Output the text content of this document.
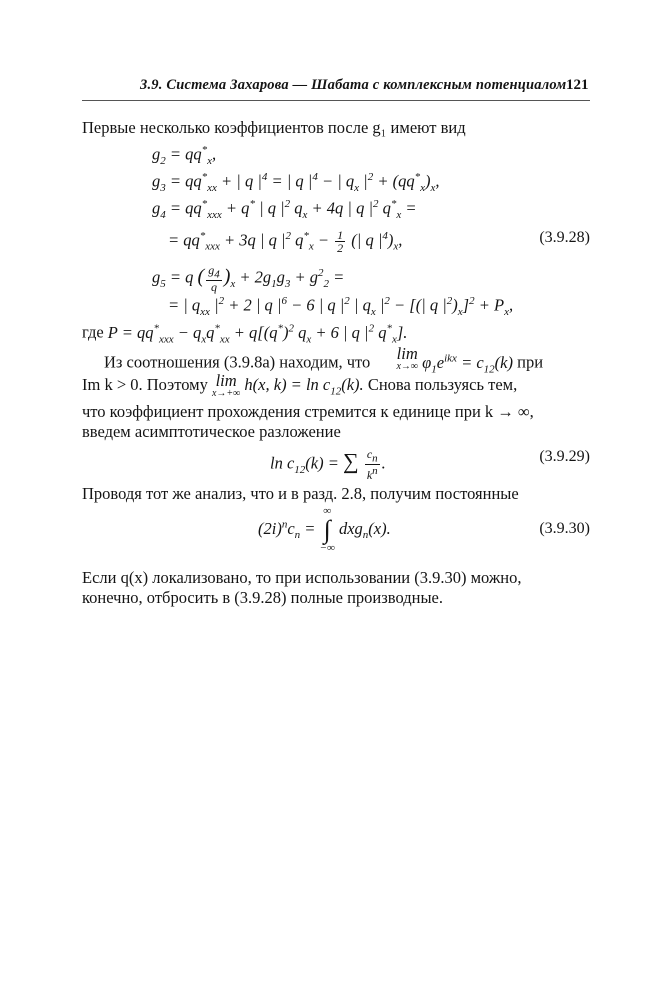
3.9. Система Захарова — Шабата с комплексным потенциалом 121
Первые несколько коэффициентов после g₁ имеют вид
$g_2 = qq^*_x$,
$g_3 = qq^*_{xx}$ + | q $|^4$ = | q $|^4$ − | $q_x$ $|^2 + (qq^*_x)_x$,
$g_4 = qq^*_{xxx} + q^*$ | q $|^2$ $q_x + 4q$ | q $|^2$ $q^*_x$ =
= $qq^*_{xxx} + 3q$ | q $|^2$ $q^*_x - \frac{1}{2}$ (| q $|^4)_x$,	(3.9.28)
$g_5 = q$ ( $\frac{g_4}{q} )_x + 2g_1g_3 + g^2_2$ =
= | $q_{xx}$ $|^2 + 2$ | q $|^6 - 6$ | q $|^2$ | $q_x$ $|^2$ − [(| q $|^2)_x]^2 + P_x$,
где $P = qq^*_{xxx} - q_xq^*_{xx} + q[(q^*)^2$ $q_x + 6$ | q $|^2$ $q^*_x$].
Из соотношения (3.9.8а) находим, что lim
x→∞ $\varphi_1e^{ikx} = c_{12}(k)$ при
Im k > 0. Поэтому lim
x→+∞ h(x, $k) = \ln c_{12}(k)$. Снова пользуясь тем,
что коэффициент прохождения стремится к единице при k → ∞,
введем асимптотическое разложение
$\ln c_{12}(k)$ = ∑ $\frac{c_n}{k^n}$ .	(3.9.29)
Проводя тот же анализ, что и в разд. 2.8, получим постоянные
$(2i)^nc_n$ =
∞
∫
−∞
dxg$_n$(x).	(3.9.30)
Если q(x) локализовано, то при использовании (3.9.30) можно,
конечно, отбросить в (3.9.28) полные производные.
